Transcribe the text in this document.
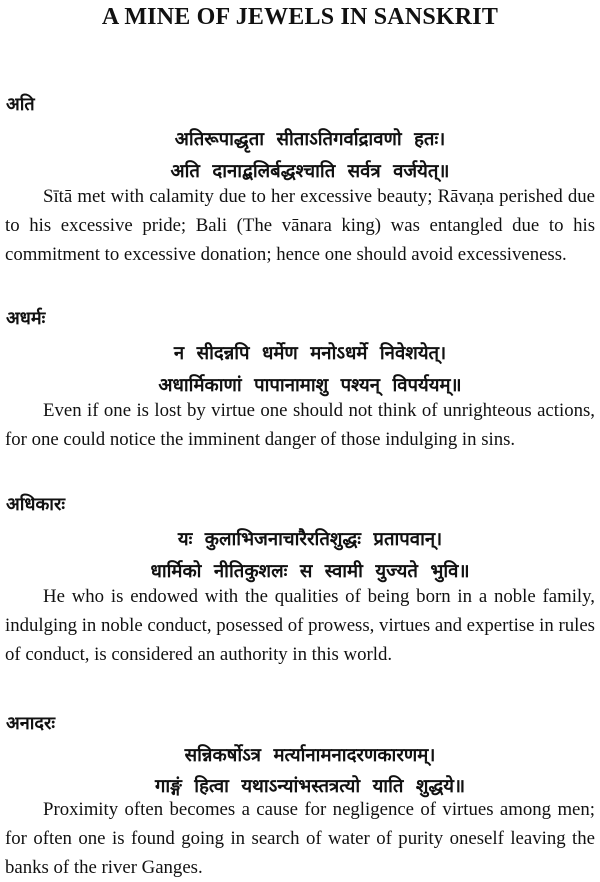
A MINE OF JEWELS IN SANSKRIT
अति
अतिरूपाद्धृता सीताऽतिगर्वाद्रावणो हतः।
अति दानाद्बलिर्बद्धश्चाति सर्वत्र वर्जयेत्॥

Sītā met with calamity due to her excessive beauty; Rāvaṇa perished due to his excessive pride; Bali (The vānara king) was entangled due to his commitment to excessive donation; hence one should avoid excessiveness.

अधर्मः
न सीदन्नपि धर्मेण मनोऽधर्मे निवेशयेत्।
अधार्मिकाणां पापानामाशु पश्यन् विपर्ययम्॥

Even if one is lost by virtue one should not think of unrighteous actions, for one could notice the imminent danger of those indulging in sins.

अधिकारः
यः कुलाभिजनाचारैरतिशुद्धः प्रतापवान्।
धार्मिको नीतिकुशलः स स्वामी युज्यते भुवि॥

He who is endowed with the qualities of being born in a noble family, indulging in noble conduct, posessed of prowess, virtues and expertise in rules of conduct, is considered an authority in this world.

अनादरः
सन्निकर्षोऽत्र मर्त्यानामनादरणकारणम्।
गाङ्गं हित्वा यथाऽन्यांभस्तत्रत्यो याति शुद्धये॥

Proximity often becomes a cause for negligence of virtues among men; for often one is found going in search of water of purity oneself leaving the banks of the river Ganges.
